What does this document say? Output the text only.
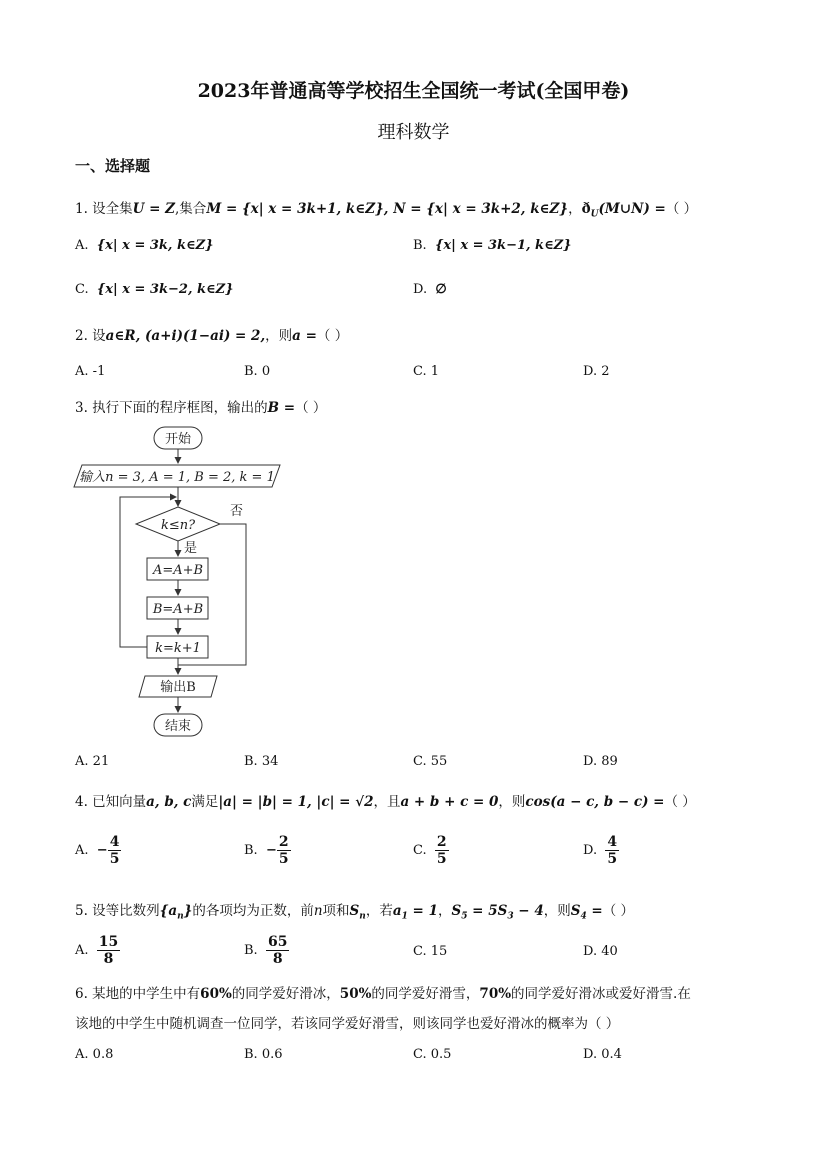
2023年普通高等学校招生全国统一考试(全国甲卷)
理科数学
一、选择题
1. 设全集U = Z,集合M = {x| x = 3k+1, k∈Z}, N = {x| x = 3k+2, k∈Z}，$ð_U(M\cup N)$ =（ ）
A. {x| x = 3k, k∈Z}	B. {x| x = 3k−1, k∈Z}
C. {x| x = 3k−2, k∈Z}	D. ∅
2. 设a∈R, (a+i)(1−ai) = 2,，则a =（ ）
A. -1	B. 0	C. 1	D. 2
3. 执行下面的程序框图，输出的B =（ ）
开始
输入n = 3, A = 1, B = 2, k = 1
k≤n?
是
否
A=A+B
B=A+B
k=k+1
输出B
结束
A. 21	B. 34	C. 55	D. 89
4. 已知向量a, b, c满足|a| = |b| = 1, |c| = √2，且a + b + c = 0，则cos(a − c, b − c) =（ ）
A. − $\frac{4}{5}$	B. − $\frac{2}{5}$	C. $\frac{2}{5}$	D. $\frac{4}{5}$
5. 设等比数列$\{a_n\}$的各项均为正数，前n项和$S_n$，若$a_1 = 1$，$S_5 = 5S_3 - 4$，则$S_4$ =（ ）
A. $\frac{15}{8}$	B. $\frac{65}{8}$	C. 15	D. 40
6. 某地的中学生中有60%的同学爱好滑冰，50%的同学爱好滑雪，70%的同学爱好滑冰或爱好滑雪.在
该地的中学生中随机调查一位同学，若该同学爱好滑雪，则该同学也爱好滑冰的概率为（ ）
A. 0.8	B. 0.6	C. 0.5	D. 0.4
